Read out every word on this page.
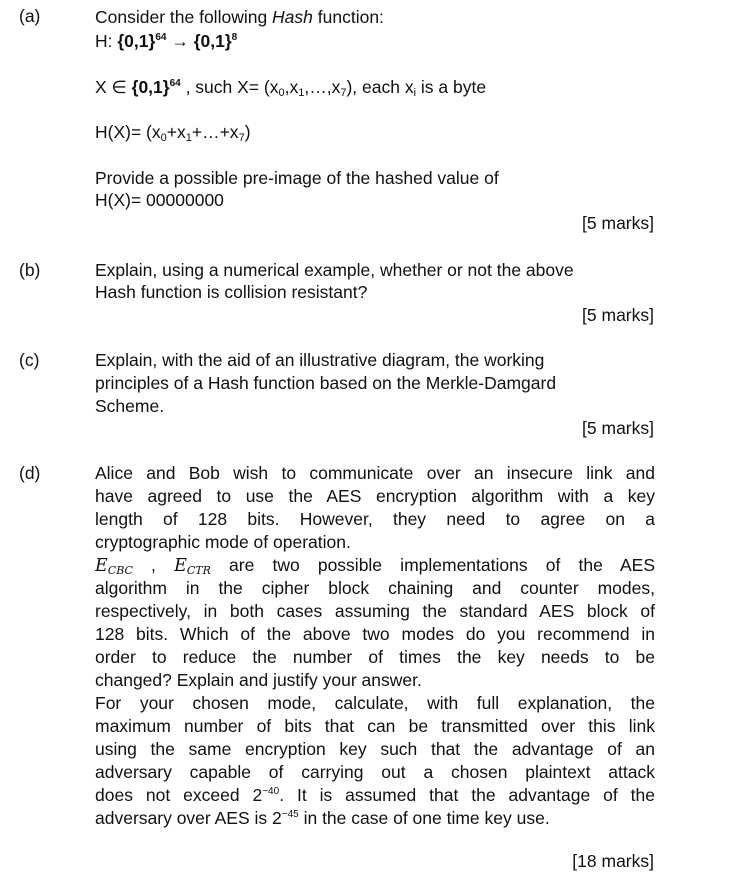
(a)
(b)
(c)
(d)
Consider the following Hash function:
H: $\{0,1\}^{64} \to \{0,1\}^8$
X ∈ $\{0,1\}^{64}$ , such $X= (x_0,x_1,\dots,x_7)$, each $x_i$ is a byte
$H(X)= (x_0+x_1+\dots+x_7)$
Provide a possible pre-image of the hashed value of
H(X)= 00000000
[5 marks]
Explain, using a numerical example, whether or not the above
Hash function is collision resistant?
[5 marks]
Explain, with the aid of an illustrative diagram, the working
principles of a Hash function based on the Merkle-Damgard
Scheme.
[5 marks]
Alice and Bob wish to communicate over an insecure link and
have agreed to use the AES encryption algorithm with a key
length of 128 bits. However, they need to agree on a
cryptographic mode of operation.
$E_{CBC}$ , $E_{CTR}$ are two possible implementations of the AES
algorithm in the cipher block chaining and counter modes,
respectively, in both cases assuming the standard AES block of
128 bits. Which of the above two modes do you recommend in
order to reduce the number of times the key needs to be
changed? Explain and justify your answer.
For your chosen mode, calculate, with full explanation, the
maximum number of bits that can be transmitted over this link
using the same encryption key such that the advantage of an
adversary capable of carrying out a chosen plaintext attack
does not exceed $2^{-40}$. It is assumed that the advantage of the
adversary over AES is $2^{-45}$ in the case of one time key use.
[18 marks]
